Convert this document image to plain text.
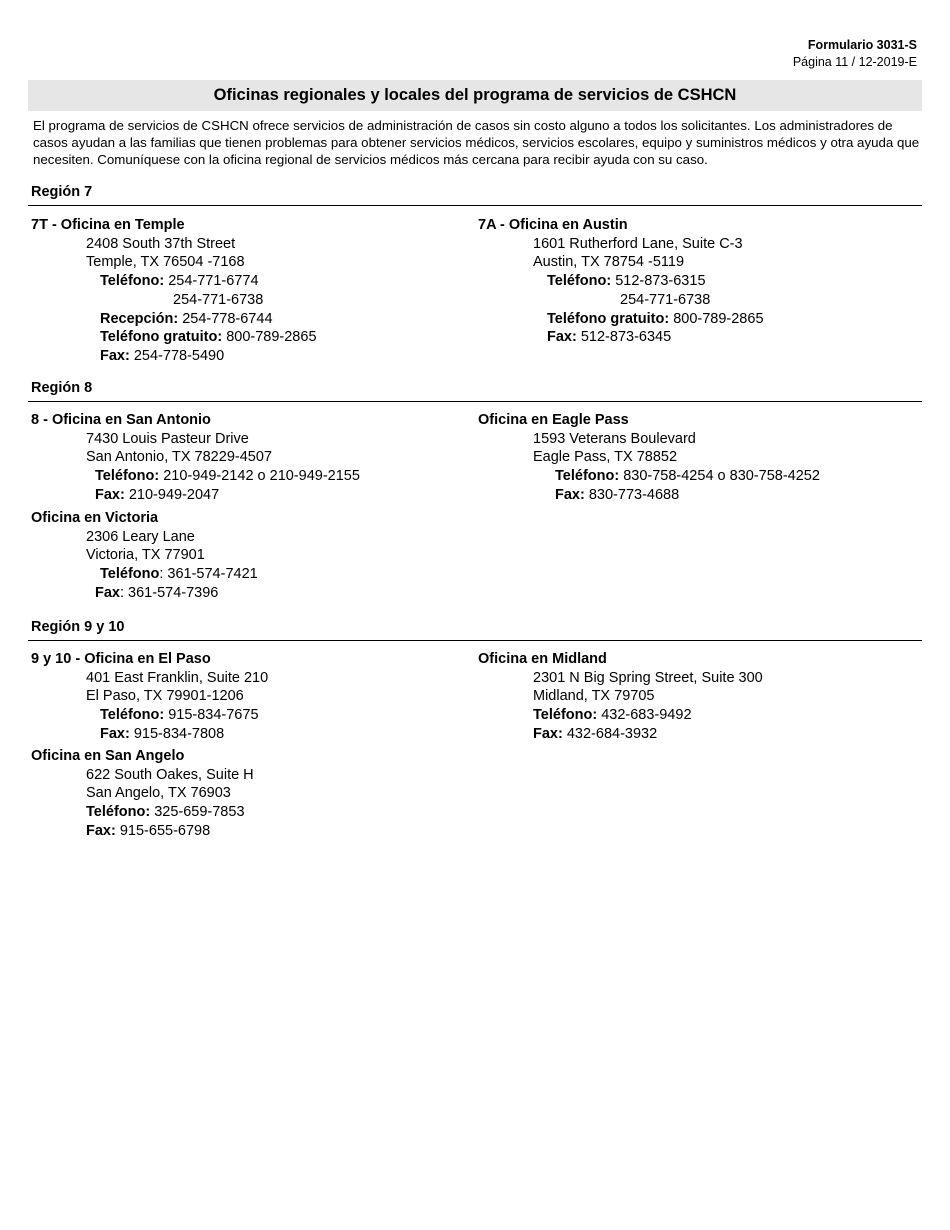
Formulario 3031-S
Página 11 / 12-2019-E
Oficinas regionales y locales del programa de servicios de CSHCN
El programa de servicios de CSHCN ofrece servicios de administración de casos sin costo alguno a todos los solicitantes. Los administradores de casos ayudan a las familias que tienen problemas para obtener servicios médicos, servicios escolares, equipo y suministros médicos y otra ayuda que necesiten. Comuníquese con la oficina regional de servicios médicos más cercana para recibir ayuda con su caso.
Región 7
7T - Oficina en Temple
2408 South 37th Street
Temple, TX 76504 -7168
Teléfono: 254-771-6774
254-771-6738
Recepción: 254-778-6744
Teléfono gratuito: 800-789-2865
Fax: 254-778-5490
7A - Oficina en Austin
1601 Rutherford Lane, Suite C-3
Austin, TX 78754 -5119
Teléfono: 512-873-6315
254-771-6738
Teléfono gratuito: 800-789-2865
Fax: 512-873-6345
Región 8
8 - Oficina en San Antonio
7430 Louis Pasteur Drive
San Antonio, TX 78229-4507
Teléfono: 210-949-2142 o 210-949-2155
Fax: 210-949-2047
Oficina en Eagle Pass
1593 Veterans Boulevard
Eagle Pass, TX 78852
Teléfono: 830-758-4254 o 830-758-4252
Fax: 830-773-4688
Oficina en Victoria
2306 Leary Lane
Victoria, TX 77901
Teléfono: 361-574-7421
Fax: 361-574-7396
Región 9 y 10
9 y 10 - Oficina en El Paso
401 East Franklin, Suite 210
El Paso, TX 79901-1206
Teléfono: 915-834-7675
Fax: 915-834-7808
Oficina en Midland
2301 N Big Spring Street, Suite 300
Midland, TX 79705
Teléfono: 432-683-9492
Fax: 432-684-3932
Oficina en San Angelo
622 South Oakes, Suite H
San Angelo, TX 76903
Teléfono: 325-659-7853
Fax: 915-655-6798
